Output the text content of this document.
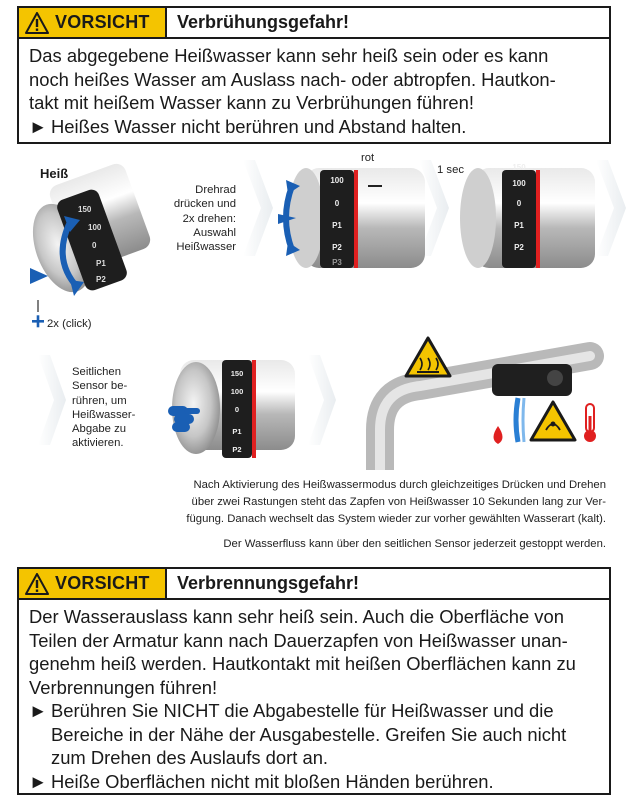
VORSICHT	Verbrühungsgefahr!
Das abgegebene Heißwasser kann sehr heiß sein oder es kann
noch heißes Wasser am Auslass nach- oder abtropfen. Hautkon-
takt mit heißem Wasser kann zu Verbrühungen führen!
► Heißes Wasser nicht berühren und Abstand halten.
150
100
0
P1
P2
100
0
P1
P2
P3
150
100
0
P1
P2
150
100
0
P1
P2
Heiß
2x (click)
Drehrad
drücken und
2x drehen:
Auswahl
Heißwasser
rot
1 sec
Seitlichen
Sensor be-
rühren, um
Heißwasser-
Abgabe zu
aktivieren.
Nach Aktivierung des Heißwassermodus durch gleichzeitiges Drücken und Drehen
über zwei Rastungen steht das Zapfen von Heißwasser 10 Sekunden lang zur Ver-
fügung. Danach wechselt das System wieder zur vorher gewählten Wasserart (kalt).
Der Wasserfluss kann über den seitlichen Sensor jederzeit gestoppt werden.
VORSICHT	Verbrennungsgefahr!
Der Wasserauslass kann sehr heiß sein. Auch die Oberfläche von
Teilen der Armatur kann nach Dauerzapfen von Heißwasser unan-
genehm heiß werden. Hautkontakt mit heißen Oberflächen kann zu
Verbrennungen führen!
► Berühren Sie NICHT die Abgabestelle für Heißwasser und die
Bereiche in der Nähe der Ausgabestelle. Greifen Sie auch nicht
zum Drehen des Auslaufs dort an.
► Heiße Oberflächen nicht mit bloßen Händen berühren.
